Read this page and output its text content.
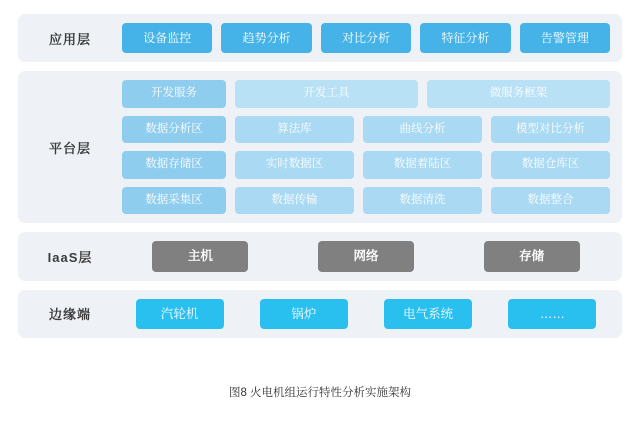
应用层	设备监控	趋势分析	对比分析	特征分析	告警管理
平台层
开发服务	开发工具	微服务框架
数据分析区	算法库	曲线分析	模型对比分析
数据存储区	实时数据区	数据着陆区	数据仓库区
数据采集区	数据传输	数据清洗	数据整合
IaaS层	主机	网络	存储
边缘端	汽轮机	锅炉	电气系统	……
图8 火电机组运行特性分析实施架构
